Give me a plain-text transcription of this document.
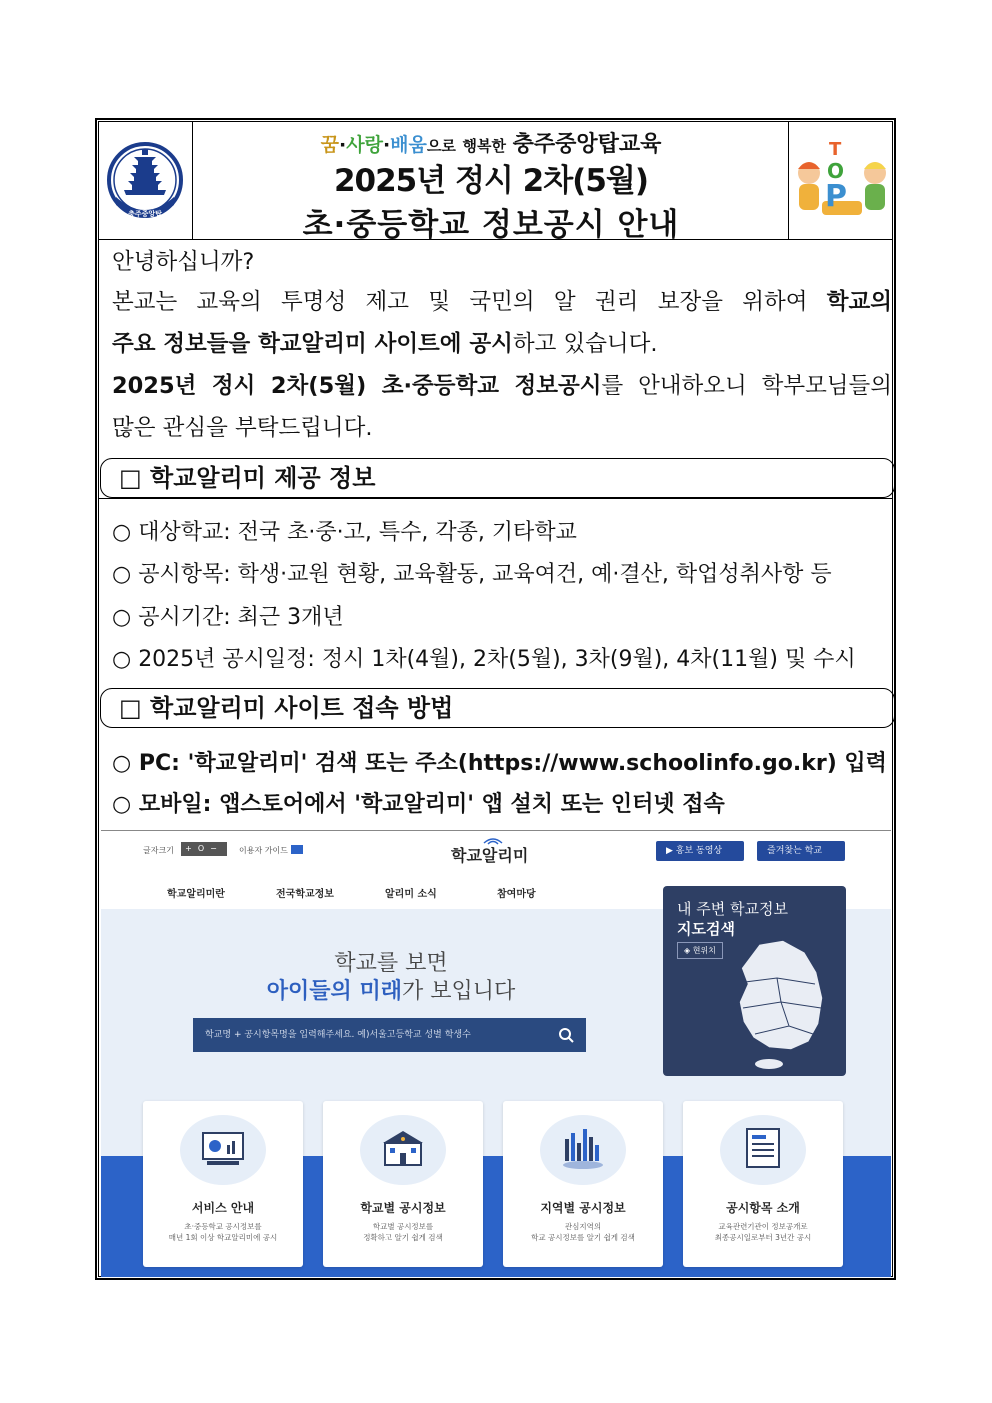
충주중앙탑
꿈·사랑·배움으로 행복한 충주중앙탑교육
2025년 정시 2차(5월)
초·중등학교 정보공시 안내
T
O
P
안녕하십니까?
본교는 교육의 투명성 제고 및 국민의 알 권리 보장을 위하여 학교의
주요 정보들을 학교알리미 사이트에 공시하고 있습니다.
2025년 정시 2차(5월) 초·중등학교 정보공시를 안내하오니 학부모님들의
많은 관심을 부탁드립니다.
□ 학교알리미 제공 정보
○ 대상학교: 전국 초·중·고, 특수, 각종, 기타학교
○ 공시항목: 학생·교원 현황, 교육활동, 교육여건, 예·결산, 학업성취사항 등
○ 공시기간: 최근 3개년
○ 2025년 공시일정: 정시 1차(4월), 2차(5월), 3차(9월), 4차(11월) 및 수시
□ 학교알리미 사이트 접속 방법
○ PC: '학교알리미' 검색 또는 주소(https://www.schoolinfo.go.kr) 입력
○ 모바일: 앱스토어에서 '학교알리미' 앱 설치 또는 인터넷 접속
글자크기	+O−	이용자 가이드	학교알리미	▶ 홍보 동영상	즐겨찾는 학교
학교알리미란	전국학교정보	알리미 소식	참여마당
학교를 보면
아이들의 미래가 보입니다
학교명 + 공시항목명을 입력해주세요. 예)서울고등학교 성별 학생수
내 주변 학교정보
지도검색
◈ 현위치
서비스 안내
초·중등학교 공시정보를
매년 1회 이상 학교알리미에 공시
학교별 공시정보
학교별 공시정보를
정확하고 알기 쉽게 검색
지역별 공시정보
관심지역의
학교 공시정보를 알기 쉽게 검색
공시항목 소개
교육관련기관이 정보공개로
최종공시일로부터 3년간 공시
